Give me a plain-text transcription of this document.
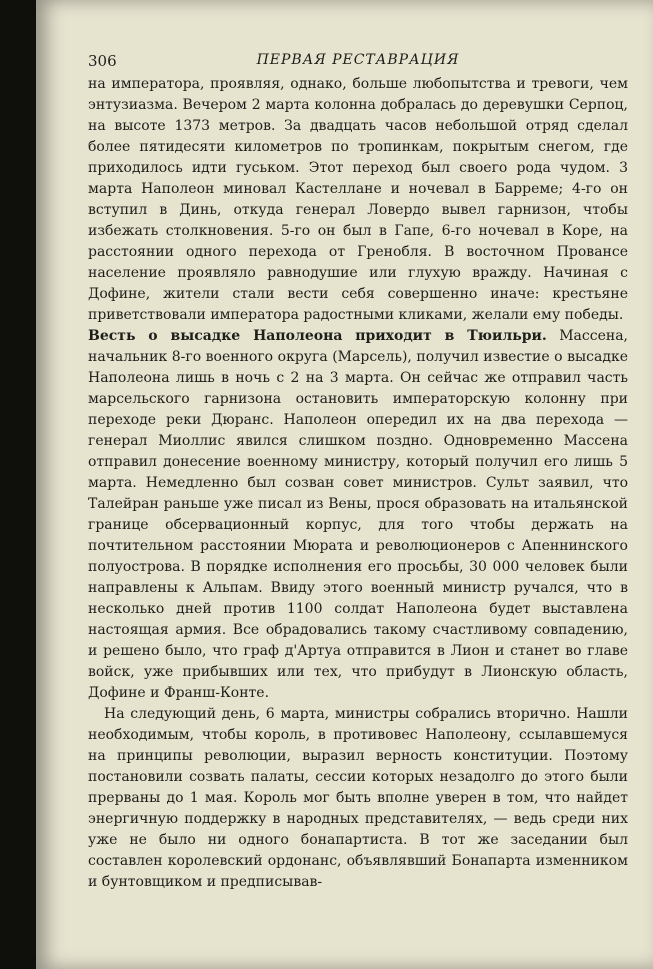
306	ПЕРВАЯ РЕСТАВРАЦИЯ

на императора, проявляя, однако, больше любопытства и тревоги, чем энтузиазма. Вечером 2 марта колонна добралась до деревушки Серпоц, на высоте 1373 метров. За двадцать часов небольшой отряд сделал более пятидесяти километров по тропинкам, покрытым снегом, где приходилось идти гуськом. Этот переход был своего рода чудом. 3 марта Наполеон миновал Кастеллане и ночевал в Барреме; 4-го он вступил в Динь, откуда генерал Ловердо вывел гарнизон, чтобы избежать столкновения. 5-го он был в Гапе, 6-го ночевал в Коре, на расстоянии одного перехода от Гренобля. В восточном Провансе население проявляло равнодушие или глухую вражду. Начиная с Дофине, жители стали вести себя совершенно иначе: крестьяне приветствовали императора радостными кликами, желали ему победы.

Весть о высадке Наполеона приходит в Тюильри. Массена, начальник 8-го военного округа (Марсель), получил известие о высадке Наполеона лишь в ночь с 2 на 3 марта. Он сейчас же отправил часть марсельского гарнизона остановить императорскую колонну при переходе реки Дюранс. Наполеон опередил их на два перехода — генерал Миоллис явился слишком поздно. Одновременно Массена отправил донесение военному министру, который получил его лишь 5 марта. Немедленно был созван совет министров. Сульт заявил, что Талейран раньше уже писал из Вены, прося образовать на итальянской границе обсервационный корпус, для того чтобы держать на почтительном расстоянии Мюрата и революционеров с Апеннинского полуострова. В порядке исполнения его просьбы, 30 000 человек были направлены к Альпам. Ввиду этого военный министр ручался, что в несколько дней против 1100 солдат Наполеона будет выставлена настоящая армия. Все обрадовались такому счастливому совпадению, и решено было, что граф д'Артуа отправится в Лион и станет во главе войск, уже прибывших или тех, что прибудут в Лионскую область, Дофине и Франш-Конте.

На следующий день, 6 марта, министры собрались вторично. Нашли необходимым, чтобы король, в противовес Наполеону, ссылавшемуся на принципы революции, выразил верность конституции. Поэтому постановили созвать палаты, сессии которых незадолго до этого были прерваны до 1 мая. Король мог быть вполне уверен в том, что найдет энергичную поддержку в народных представителях, — ведь среди них уже не было ни одного бонапартиста. В тот же заседании был составлен королевский ордонанс, объявлявший Бонапарта изменником и бунтовщиком и предписывав-
